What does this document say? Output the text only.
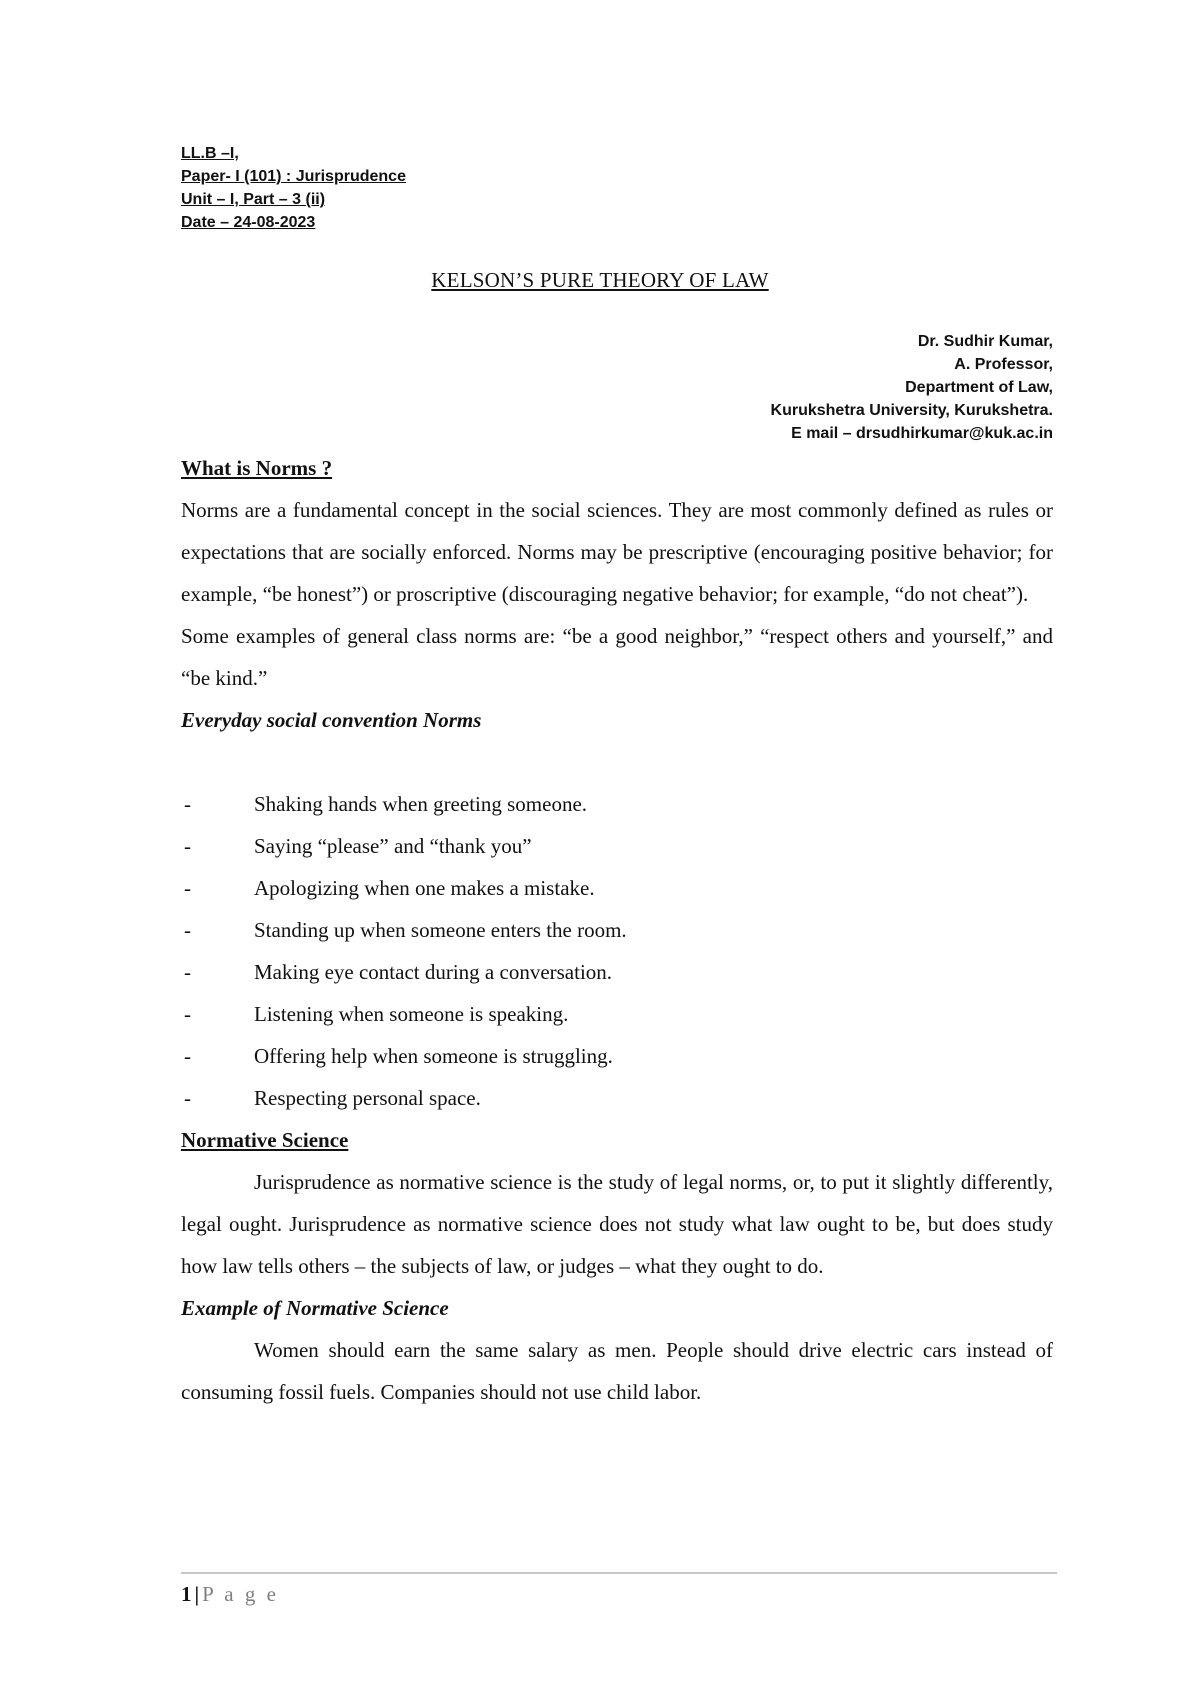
LL.B –I,
Paper- I (101) : Jurisprudence
Unit – I, Part – 3 (ii)
Date – 24-08-2023
KELSON’S PURE THEORY OF LAW
Dr. Sudhir Kumar,
A. Professor,
Department of Law,
Kurukshetra University, Kurukshetra.
E mail – drsudhirkumar@kuk.ac.in
What is Norms ?
Norms are a fundamental concept in the social sciences. They are most commonly defined as rules or expectations that are socially enforced. Norms may be prescriptive (encouraging positive behavior; for example, “be honest”) or proscriptive (discouraging negative behavior; for example, “do not cheat”).
Some examples of general class norms are: “be a good neighbor,” “respect others and yourself,” and “be kind.”
Everyday social convention Norms
-	Shaking hands when greeting someone.
-	Saying “please” and “thank you”
-	Apologizing when one makes a mistake.
-	Standing up when someone enters the room.
-	Making eye contact during a conversation.
-	Listening when someone is speaking.
-	Offering help when someone is struggling.
-	Respecting personal space.
Normative Science
Jurisprudence as normative science is the study of legal norms, or, to put it slightly differently, legal ought. Jurisprudence as normative science does not study what law ought to be, but does study how law tells others – the subjects of law, or judges – what they ought to do.
Example of Normative Science
Women should earn the same salary as men. People should drive electric cars instead of consuming fossil fuels. Companies should not use child labor.
1 | P a g e
